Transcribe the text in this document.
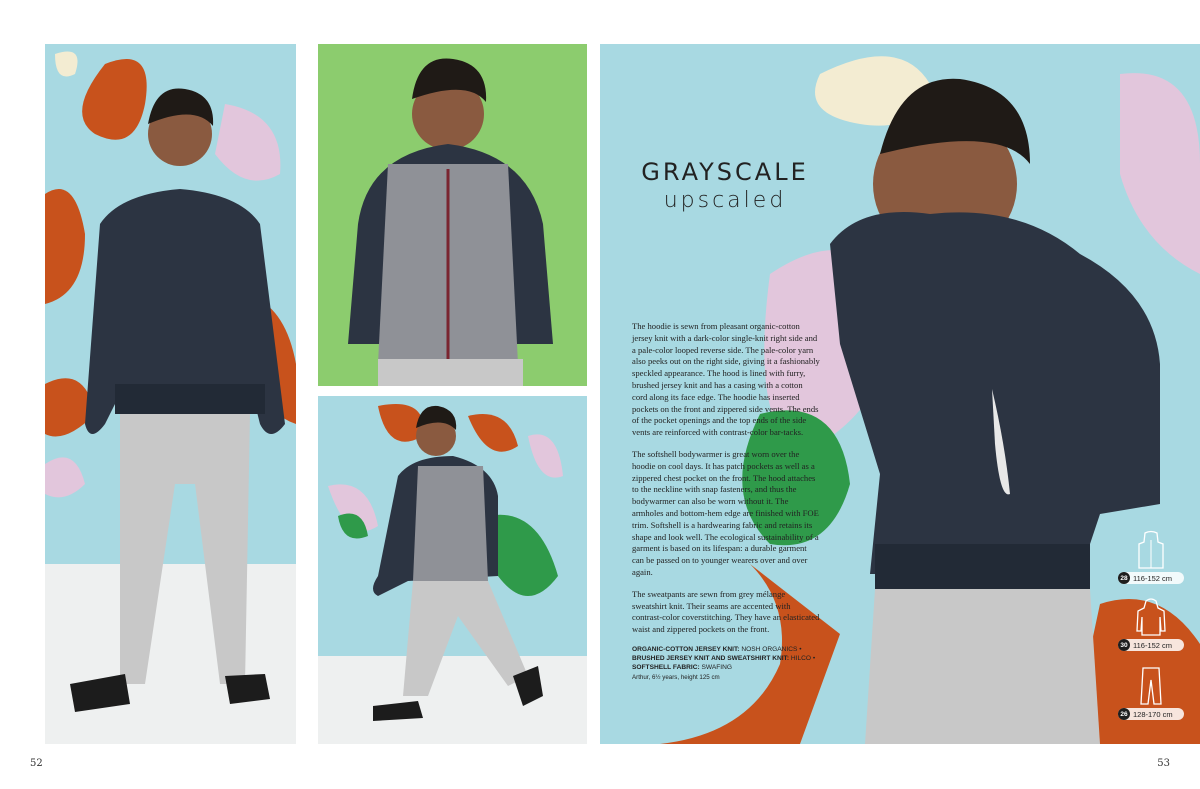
GRAYSCALE
upscaled

The hoodie is sewn from pleasant organic-cotton jersey knit with a dark-color single-knit right side and a pale-color looped reverse side. The pale-color yarn also peeks out on the right side, giving it a fashionably speckled appearance. The hood is lined with furry, brushed jersey knit and has a casing with a cotton cord along its face edge. The hoodie has inserted pockets on the front and zippered side vents. The ends of the pocket openings and the top ends of the side vents are reinforced with contrast-color bar-tacks.

The softshell bodywarmer is great worn over the hoodie on cool days. It has patch pockets as well as a zippered chest pocket on the front. The hood attaches to the neckline with snap fasteners, and thus the bodywarmer can also be worn without it. The armholes and bottom-hem edge are finished with FOE trim. Softshell is a hardwearing fabric and retains its shape and look well. The ecological sustainability of a garment is based on its lifespan: a durable garment can be passed on to younger wearers over and over again.

The sweatpants are sewn from grey mélange sweatshirt knit. Their seams are accented with contrast-color coverstitching. They have an elasticated waist and zippered pockets on the front.

ORGANIC-COTTON JERSEY KNIT: NOSH ORGANICS • BRUSHED JERSEY KNIT AND SWEATSHIRT KNIT: HILCO • SOFTSHELL FABRIC: SWAFING
Arthur, 6½ years, height 125 cm
28 116-152 cm
30 116-152 cm
26 128-170 cm
52	53
